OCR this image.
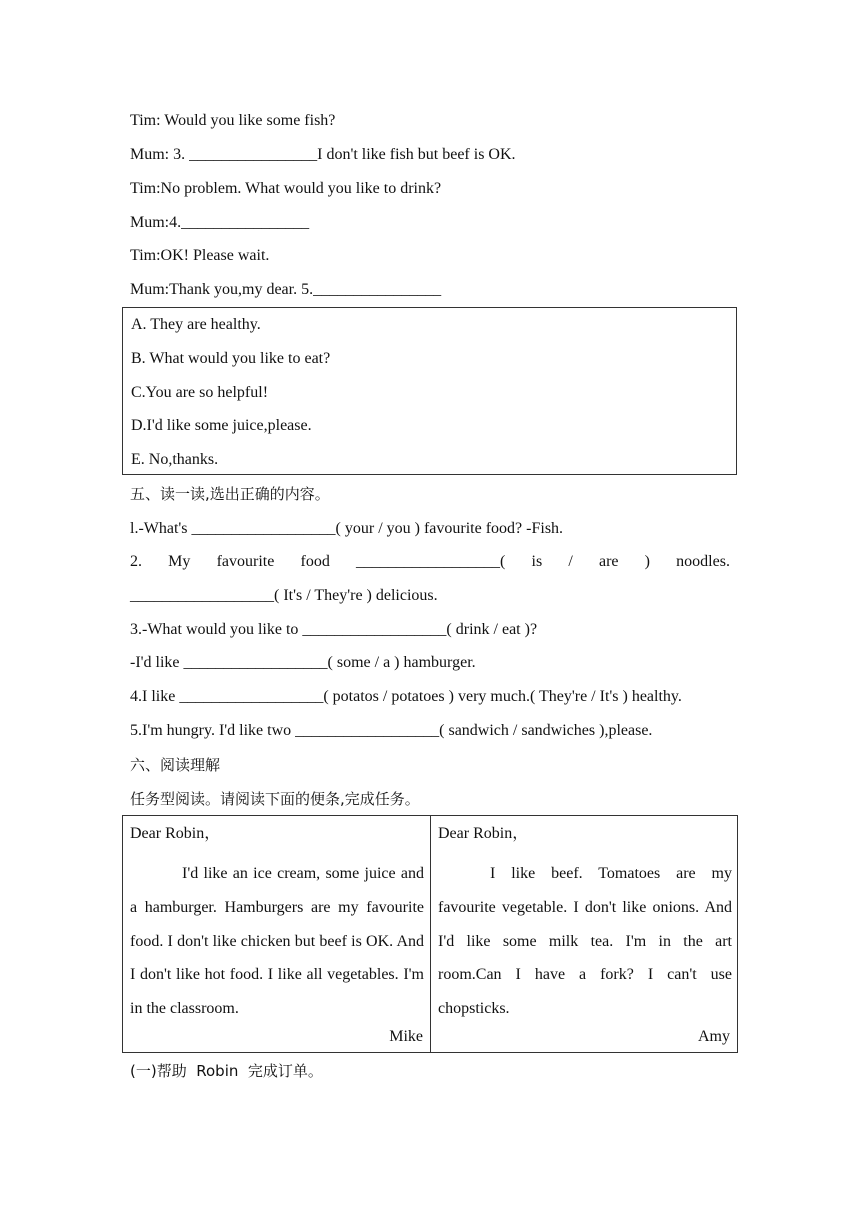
Tim: Would you like some fish?
Mum: 3. ________________I don't like fish but beef is OK.
Tim:No problem. What would you like to drink?
Mum:4.________________
Tim:OK! Please wait.
Mum:Thank you,my dear. 5.________________
A. They are healthy.
B. What would you like to eat?
C.You are so helpful!
D.I'd like some juice,please.
E. No,thanks.
五、读一读,选出正确的内容。
l.-What's __________________( your / you ) favourite food? -Fish.
2. My favourite food __________________( is / are ) noodles.
__________________( It's / They're ) delicious.
3.-What would you like to __________________( drink / eat )?
-I'd like __________________( some / a ) hamburger.
4.I like __________________( potatos / potatoes ) very much.( They're / It's ) healthy.
5.I'm hungry. I'd like two __________________( sandwich / sandwiches ),please.
六、阅读理解
任务型阅读。请阅读下面的便条,完成任务。
Dear Robin，
I'd like an ice cream, some juice and a hamburger. Hamburgers are my favourite food. I don't like chicken but beef is OK. And I don't like hot food. I like all vegetables. I'm in the classroom.
Mike
Dear Robin，
I like beef. Tomatoes are my favourite vegetable. I don't like onions. And I'd like some milk tea. I'm in the art room.Can I have a fork? I can't use chopsticks.
Amy
(一)帮助  Robin  完成订单。
